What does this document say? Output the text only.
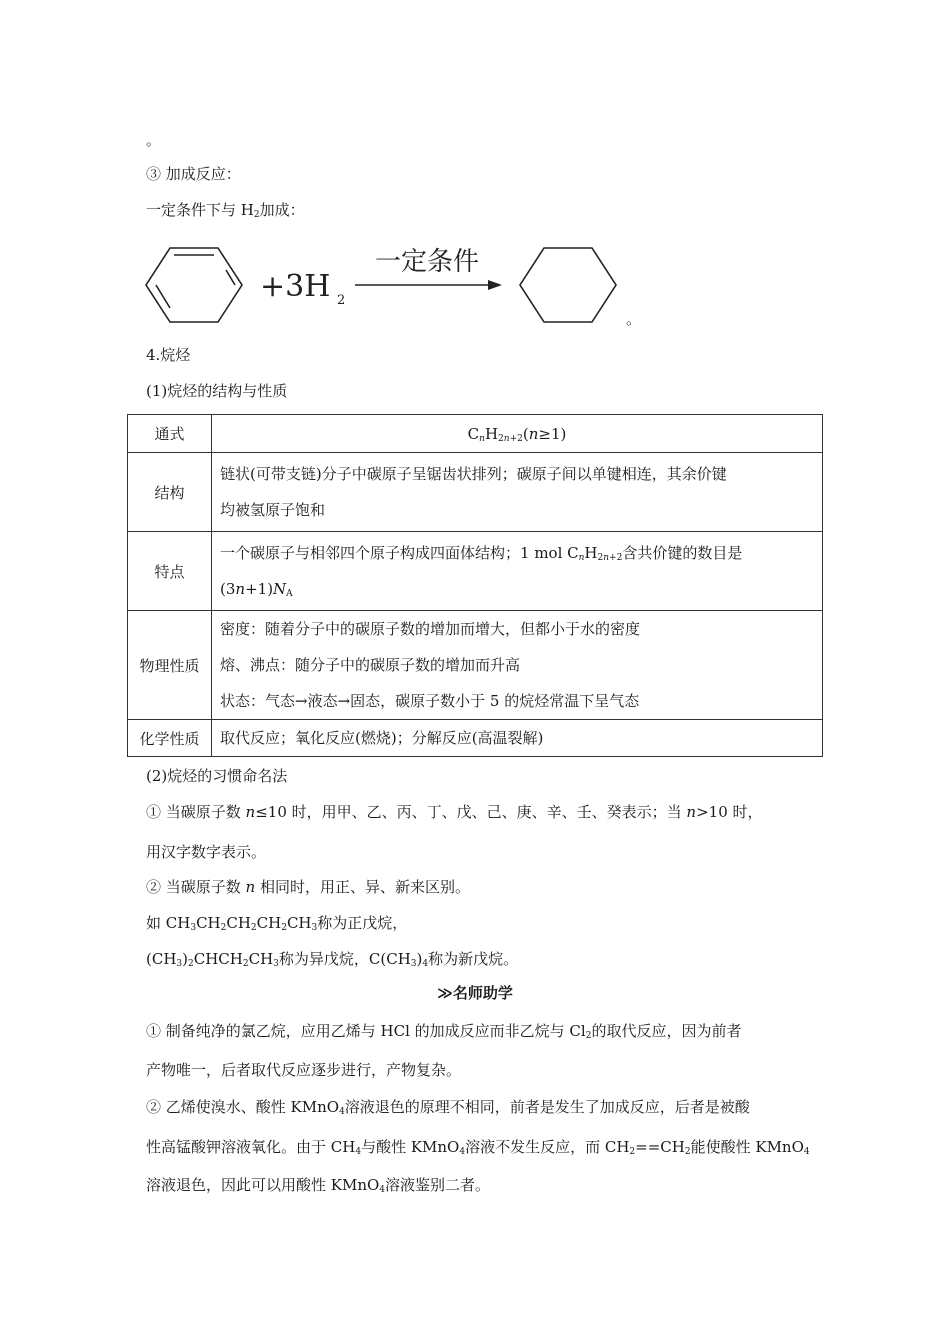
。
③ 加成反应：
一定条件下与 $H_2$加成：
+3H 2
一定条件
。
4.烷烃
(1)烷烃的结构与性质
通式	$C_nH_{2n+2}(n\ge 1)$
结构	链状(可带支链)分子中碳原子呈锯齿状排列；碳原子间以单键相连，其余价键
均被氢原子饱和

特点	一个碳原子与相邻四个原子构成四面体结构；1 mol $C_nH_{2n+2}$含共价键的数目是
$(3n+1)N_A$

物理性质	密度：随着分子中的碳原子数的增加而增大，但都小于水的密度
熔、沸点：随分子中的碳原子数的增加而升高
状态：气态→液态→固态，碳原子数小于 5 的烷烃常温下呈气态

化学性质	取代反应；氧化反应(燃烧)；分解反应(高温裂解)
(2)烷烃的习惯命名法
① 当碳原子数 n≤10 时，用甲、乙、丙、丁、戊、己、庚、辛、壬、癸表示；当 n>10 时，
用汉字数字表示。
② 当碳原子数 n 相同时，用正、异、新来区别。
如 $CH_3CH_2CH_2CH_2CH_3$称为正戊烷，
$(CH_3)_2CHCH_2CH_3$称为异戊烷，$C(CH_3)_4$称为新戊烷。
≫名师助学
① 制备纯净的氯乙烷，应用乙烯与 HCl 的加成反应而非乙烷与 $Cl_2$的取代反应，因为前者
产物唯一，后者取代反应逐步进行，产物复杂。
② 乙烯使溴水、酸性 KMnO$_4$溶液退色的原理不相同，前者是发生了加成反应，后者是被酸
性高锰酸钾溶液氧化。由于 $CH_4$与酸性 KMnO$_4$溶液不发生反应，而 $CH_2==CH_2$能使酸性 KMnO$_4$
溶液退色，因此可以用酸性 KMnO$_4$溶液鉴别二者。
